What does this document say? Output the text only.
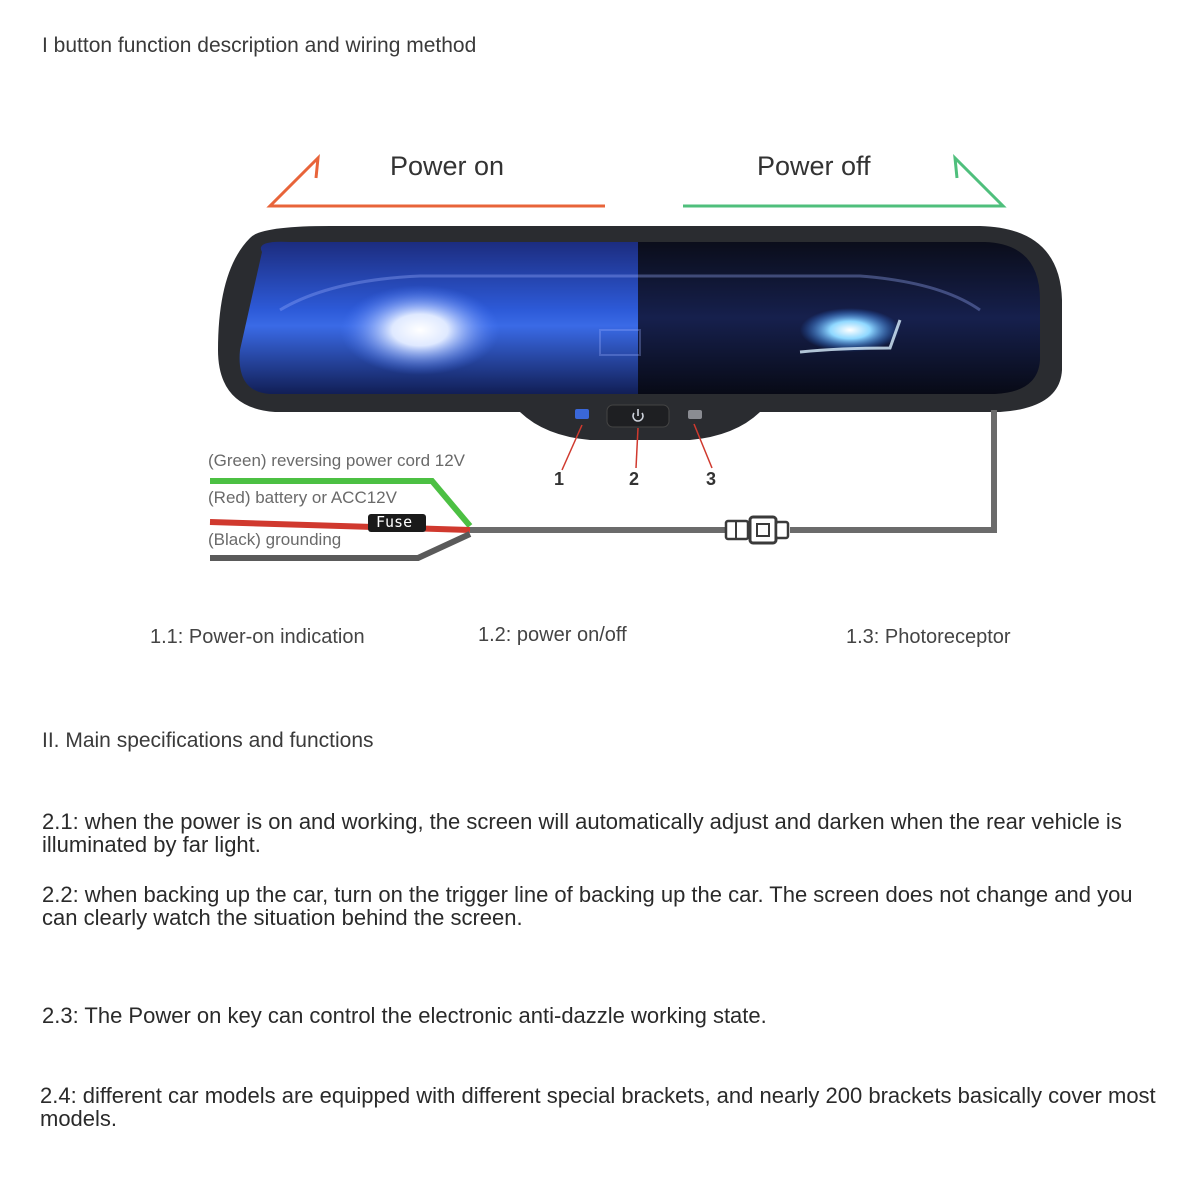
I button function description and wiring method
Power on	Power off
(Green) reversing power cord 12V
(Red) battery or ACC12V
(Black) grounding
Fuse
1	2	3
1.1: Power-on indication	1.2: power on/off	1.3: Photoreceptor
II. Main specifications and functions
2.1: when the power is on and working, the screen will automatically adjust and darken when the rear vehicle is illuminated by far light.
2.2: when backing up the car, turn on the trigger line of backing up the car. The screen does not change and you can clearly watch the situation behind the screen.
2.3: The Power on key can control the electronic anti-dazzle working state.
2.4: different car models are equipped with different special brackets, and nearly 200 brackets basically cover most models.
